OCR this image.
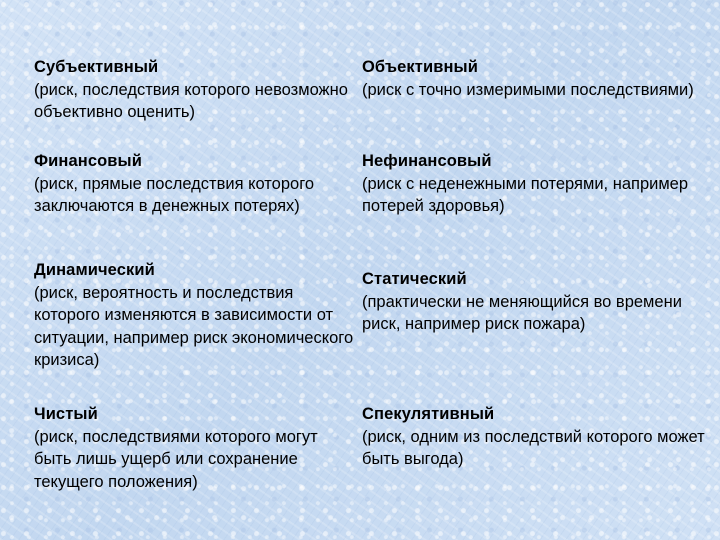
Субъективный
(риск, последствия которого невозможно объективно оценить)
Объективный
(риск с точно измеримыми последствиями)
Финансовый
(риск, прямые последствия которого заключаются в денежных потерях)
Нефинансовый
(риск с неденежными потерями, например потерей здоровья)
Динамический
(риск, вероятность и последствия которого изменяются в зависимости от ситуации, например риск экономического кризиса)
Статический
(практически не меняющийся во времени риск, например риск пожара)
Чистый
(риск, последствиями которого могут быть лишь ущерб или сохранение текущего положения)
Спекулятивный
(риск, одним из последствий которого может быть выгода)
